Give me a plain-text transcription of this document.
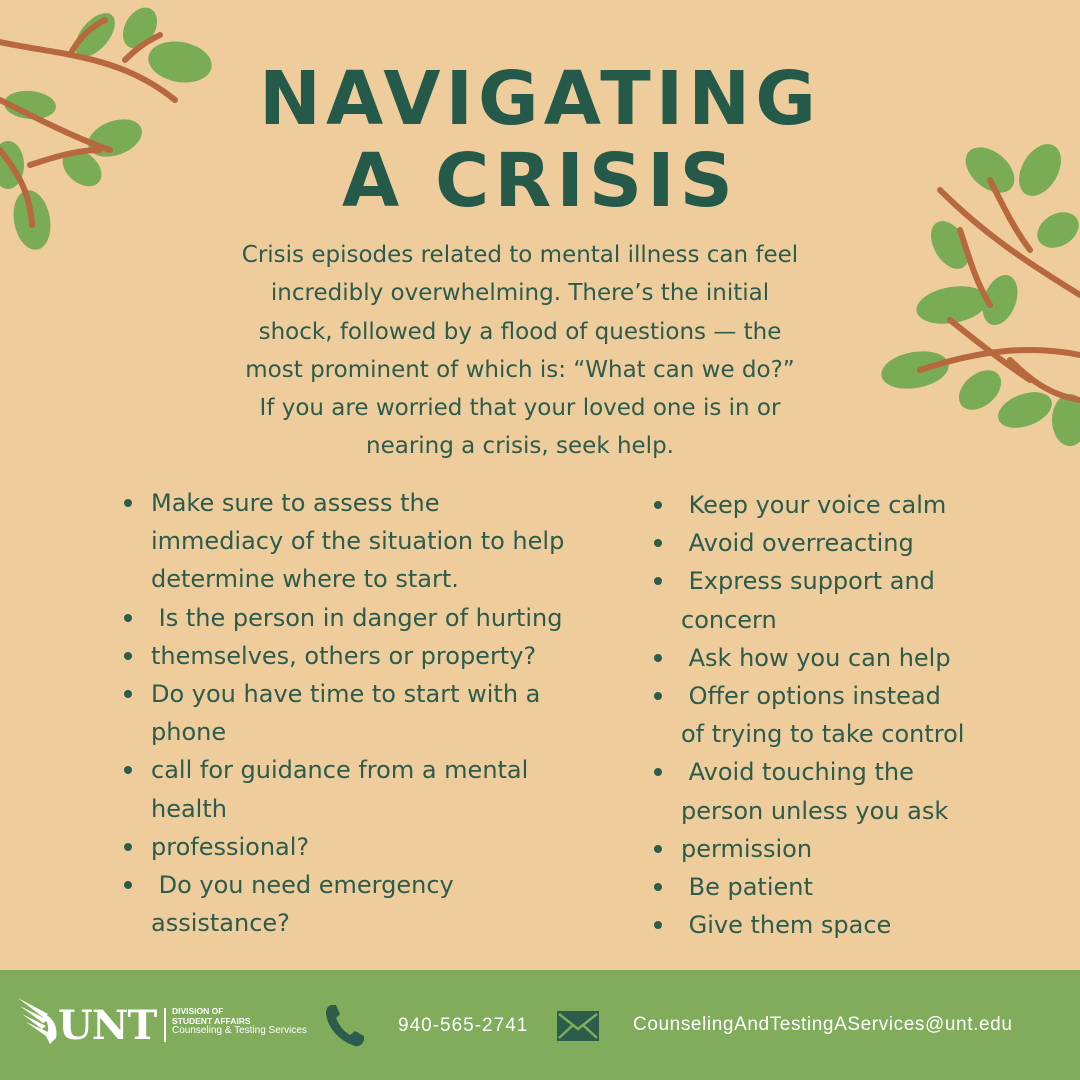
NAVIGATING
A CRISIS
Crisis episodes related to mental illness can feel
incredibly overwhelming. There’s the initial
shock, followed by a flood of questions — the
most prominent of which is: “What can we do?”
If you are worried that your loved one is in or
nearing a crisis, seek help.
Make sure to assess the
immediacy of the situation to help
determine where to start.
Is the person in danger of hurting
themselves, others or property?
Do you have time to start with a
phone
call for guidance from a mental
health
professional?
Do you need emergency
assistance?
Keep your voice calm
Avoid overreacting
Express support and
concern
Ask how you can help
Offer options instead
of trying to take control
Avoid touching the
person unless you ask
permission
Be patient
Give them space
UNT DIVISION OF
STUDENT AFFAIRS
Counseling & Testing Services	940-565-2741	CounselingAndTestingAServices@unt.edu
